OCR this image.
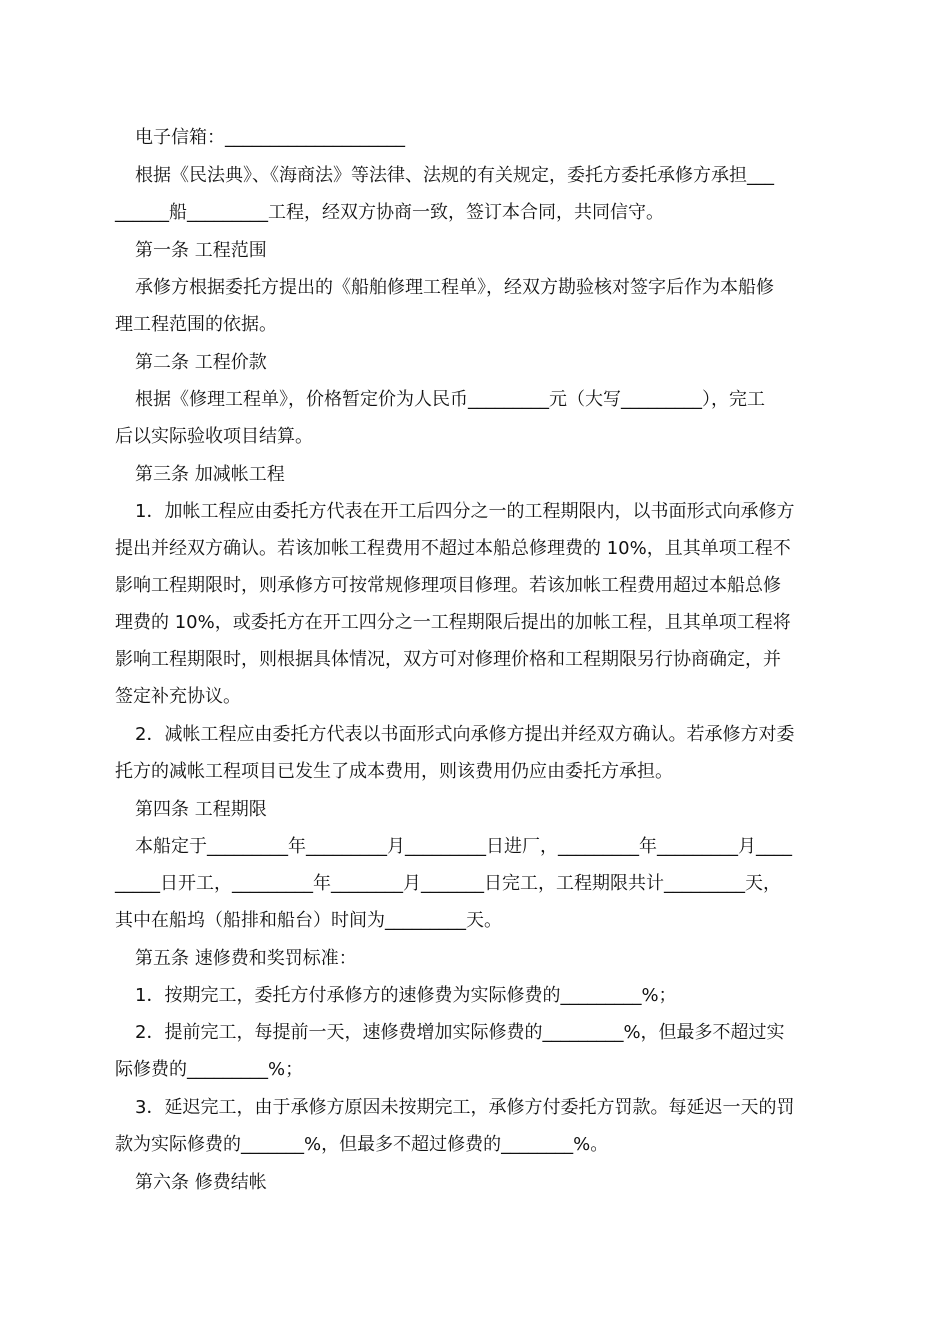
电子信箱：____________________

根据《民法典》、《海商法》等法律、法规的有关规定，委托方委托承修方承担___

______船_________工程，经双方协商一致，签订本合同，共同信守。

第一条 工程范围

承修方根据委托方提出的《船舶修理工程单》，经双方勘验核对签字后作为本船修

理工程范围的依据。

第二条 工程价款

根据《修理工程单》，价格暂定价为人民币_________元（大写_________），完工

后以实际验收项目结算。

第三条 加减帐工程

1．加帐工程应由委托方代表在开工后四分之一的工程期限内，以书面形式向承修方

提出并经双方确认。若该加帐工程费用不超过本船总修理费的 10%，且其单项工程不

影响工程期限时，则承修方可按常规修理项目修理。若该加帐工程费用超过本船总修

理费的 10%，或委托方在开工四分之一工程期限后提出的加帐工程，且其单项工程将

影响工程期限时，则根据具体情况，双方可对修理价格和工程期限另行协商确定，并

签定补充协议。

2．减帐工程应由委托方代表以书面形式向承修方提出并经双方确认。若承修方对委

托方的减帐工程项目已发生了成本费用，则该费用仍应由委托方承担。

第四条 工程期限

本船定于_________年_________月_________日进厂，_________年_________月____

_____日开工，_________年________月_______日完工，工程期限共计_________天，

其中在船坞（船排和船台）时间为_________天。

第五条 速修费和奖罚标准：

1．按期完工，委托方付承修方的速修费为实际修费的_________%；

2．提前完工，每提前一天，速修费增加实际修费的_________%，但最多不超过实

际修费的_________%；

3．延迟完工，由于承修方原因未按期完工，承修方付委托方罚款。每延迟一天的罚

款为实际修费的_______%，但最多不超过修费的________%。

第六条 修费结帐
